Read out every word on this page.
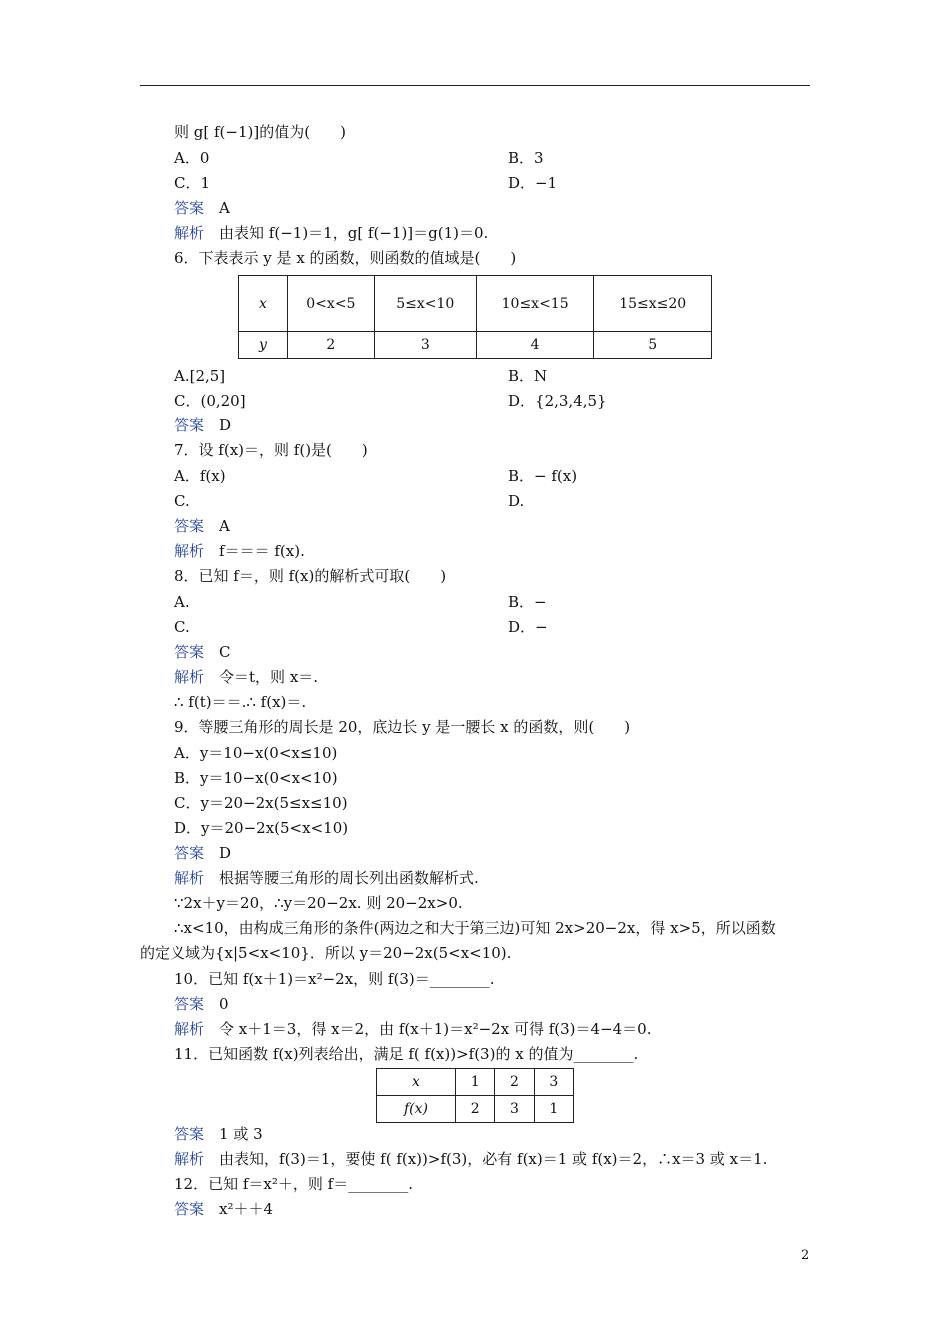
则 g[ f(−1)]的值为(　　)
A．0	B．3
C．1	D．−1
答案　 A
解析　 由表知 f(−1)＝1，g[ f(−1)]＝g(1)＝0.
6．下表表示 y 是 x 的函数，则函数的值域是(　　)
x	0<x<5	5≤x<10	10≤x<15	15≤x≤20
y	2	3	4	5
A.[2,5]	B．N
C．(0,20]	D．{2,3,4,5}
答案　 D
7．设 f(x)＝，则 f()是(　　)
A．f(x)	B．− f(x)
C.	D.
答案　 A
解析　 f＝＝＝ f(x).
8．已知 f＝，则 f(x)的解析式可取(　　)
A.	B．−
C.	D．−
答案　 C
解析　 令＝t，则 x＝.
∴ f(t)＝＝.∴ f(x)＝.
9．等腰三角形的周长是 20，底边长 y 是一腰长 x 的函数，则(　　)
A．y＝10−x(0<x≤10)
B．y＝10−x(0<x<10)
C．y＝20−2x(5≤x≤10)
D．y＝20−2x(5<x<10)
答案　 D
解析　 根据等腰三角形的周长列出函数解析式.
∵2x＋y＝20，∴y＝20−2x. 则 20−2x>0.
∴x<10，由构成三角形的条件(两边之和大于第三边)可知 2x>20−2x，得 x>5，所以函数
的定义域为{x|5<x<10}．所以 y＝20−2x(5<x<10).
10．已知 f(x＋1)＝x²−2x，则 f(3)＝________.
答案　 0
解析　 令 x＋1＝3，得 x＝2，由 f(x＋1)＝x²−2x 可得 f(3)＝4−4＝0.
11．已知函数 f(x)列表给出，满足 f( f(x))>f(3)的 x 的值为________.
x	1	2	3
f(x)	2	3	1
答案　 1 或 3
解析　 由表知，f(3)＝1，要使 f( f(x))>f(3)，必有 f(x)＝1 或 f(x)＝2，∴x＝3 或 x＝1.
12．已知 f＝x²＋，则 f＝________.
答案　 x²＋＋4
2
